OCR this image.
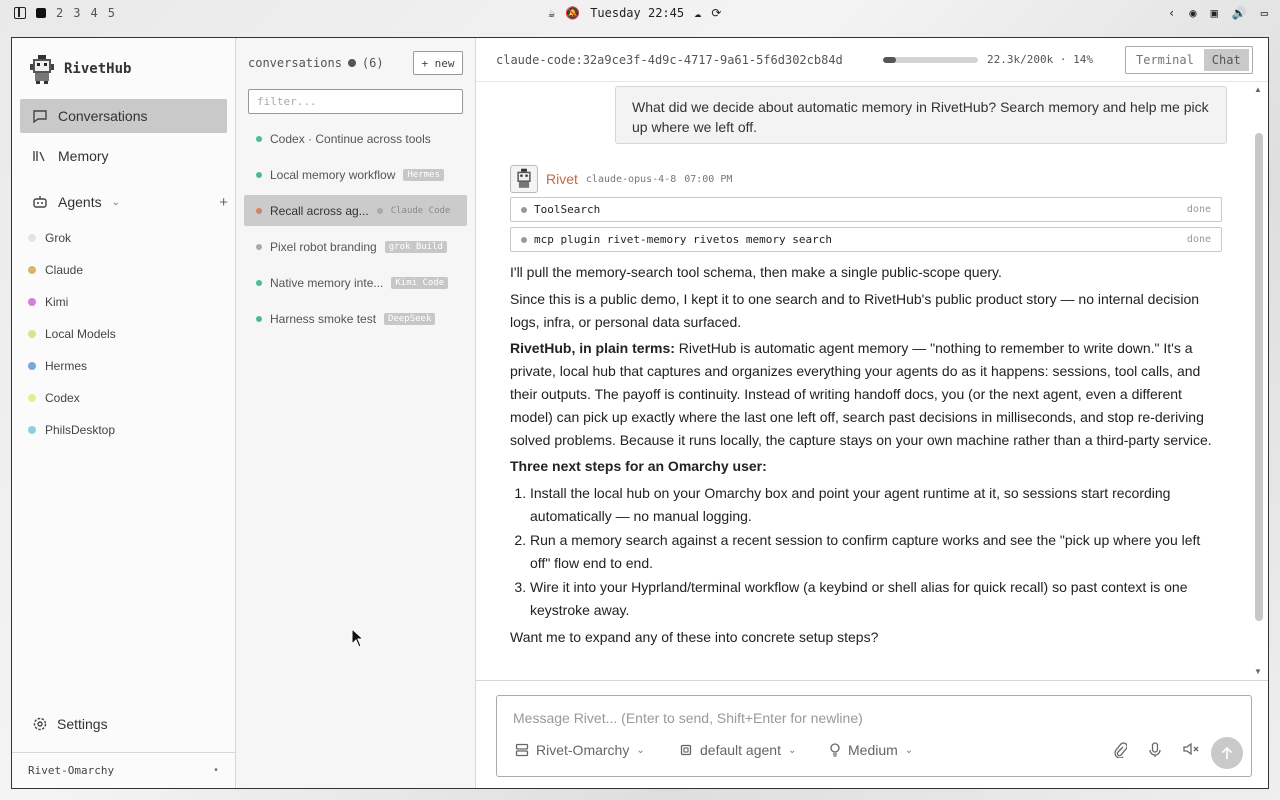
2 3 4 5	☕ 🔕 Tuesday 22:45 ☁ ⟳	‹ ◉ ▣ 🔊 ▭
RivetHub
Conversations
Memory
Agents ⌄	+
Grok
Claude
Kimi
Local Models
Hermes
Codex
PhilsDesktop
Settings
Rivet-Omarchy	•
conversations (6)	+ new
filter...
Codex · Continue across tools
Local memory workflow	Hermes
Recall across ag... Claude Code
Pixel robot branding	grok Build
Native memory inte...	Kimi Code
Harness smoke test	DeepSeek
claude-code:32a9ce3f-4d9c-4717-9a61-5f6d302cb84d	22.3k/200k · 14%	Terminal	Chat
What did we decide about automatic memory in RivetHub? Search memory and help me pick up where we left off.
Rivet claude-opus-4-8 07:00 PM
ToolSearch	done
mcp plugin rivet-memory rivetos memory search	done

I'll pull the memory-search tool schema, then make a single public-scope query.

Since this is a public demo, I kept it to one search and to RivetHub's public product story — no internal decision logs, infra, or personal data surfaced.

RivetHub, in plain terms: RivetHub is automatic agent memory — "nothing to remember to write down." It's a private, local hub that captures and organizes everything your agents do as it happens: sessions, tool calls, and their outputs. The payoff is continuity. Instead of writing handoff docs, you (or the next agent, even a different model) can pick up exactly where the last one left off, search past decisions in milliseconds, and stop re-deriving solved problems. Because it runs locally, the capture stays on your own machine rather than a third-party service.

Three next steps for an Omarchy user:

1. Install the local hub on your Omarchy box and point your agent runtime at it, so sessions start recording automatically — no manual logging.
2. Run a memory search against a recent session to confirm capture works and see the "pick up where you left off" flow end to end.
3. Wire it into your Hyprland/terminal workflow (a keybind or shell alias for quick recall) so past context is one keystroke away.

Want me to expand any of these into concrete setup steps?

▲
▼
Message Rivet... (Enter to send, Shift+Enter for newline)
Rivet-Omarchy ⌄	default agent ⌄	Medium ⌄
